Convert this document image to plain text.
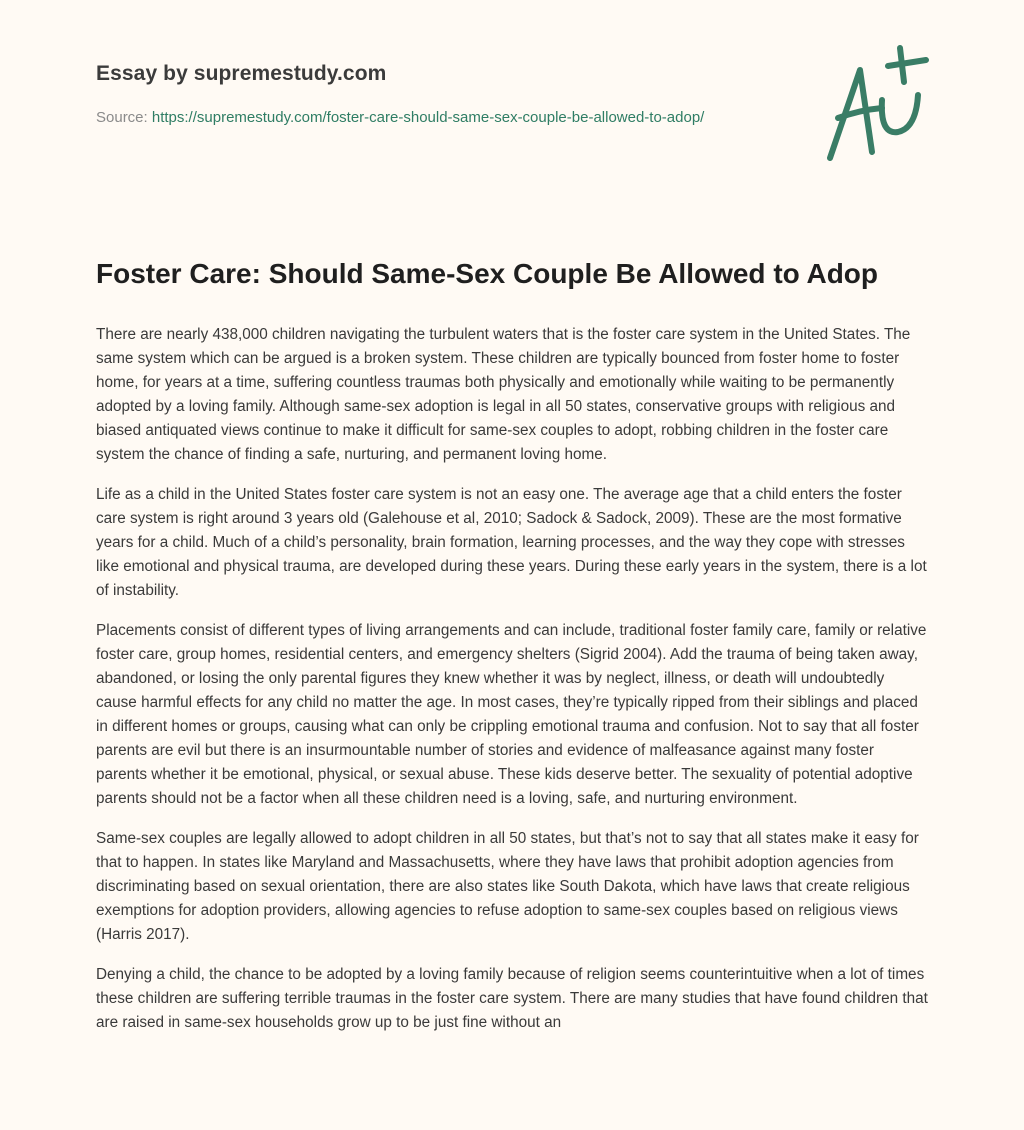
Essay by supremestudy.com
Source: https://supremestudy.com/foster-care-should-same-sex-couple-be-allowed-to-adop/
Foster Care: Should Same-Sex Couple Be Allowed to Adop

There are nearly 438,000 children navigating the turbulent waters that is the foster care system in the United States. The same system which can be argued is a broken system. These children are typically bounced from foster home to foster home, for years at a time, suffering countless traumas both physically and emotionally while waiting to be permanently adopted by a loving family. Although same-sex adoption is legal in all 50 states, conservative groups with religious and biased antiquated views continue to make it difficult for same-sex couples to adopt, robbing children in the foster care system the chance of finding a safe, nurturing, and permanent loving home.

Life as a child in the United States foster care system is not an easy one. The average age that a child enters the foster care system is right around 3 years old (Galehouse et al, 2010; Sadock & Sadock, 2009). These are the most formative years for a child. Much of a child’s personality, brain formation, learning processes, and the way they cope with stresses like emotional and physical trauma, are developed during these years. During these early years in the system, there is a lot of instability.

Placements consist of different types of living arrangements and can include, traditional foster family care, family or relative foster care, group homes, residential centers, and emergency shelters (Sigrid 2004). Add the trauma of being taken away, abandoned, or losing the only parental figures they knew whether it was by neglect, illness, or death will undoubtedly cause harmful effects for any child no matter the age. In most cases, they’re typically ripped from their siblings and placed in different homes or groups, causing what can only be crippling emotional trauma and confusion. Not to say that all foster parents are evil but there is an insurmountable number of stories and evidence of malfeasance against many foster parents whether it be emotional, physical, or sexual abuse. These kids deserve better. The sexuality of potential adoptive parents should not be a factor when all these children need is a loving, safe, and nurturing environment.

Same-sex couples are legally allowed to adopt children in all 50 states, but that’s not to say that all states make it easy for that to happen. In states like Maryland and Massachusetts, where they have laws that prohibit adoption agencies from discriminating based on sexual orientation, there are also states like South Dakota, which have laws that create religious exemptions for adoption providers, allowing agencies to refuse adoption to same-sex couples based on religious views (Harris 2017).

Denying a child, the chance to be adopted by a loving family because of religion seems counterintuitive when a lot of times these children are suffering terrible traumas in the foster care system. There are many studies that have found children that are raised in same-sex households grow up to be just fine without an
